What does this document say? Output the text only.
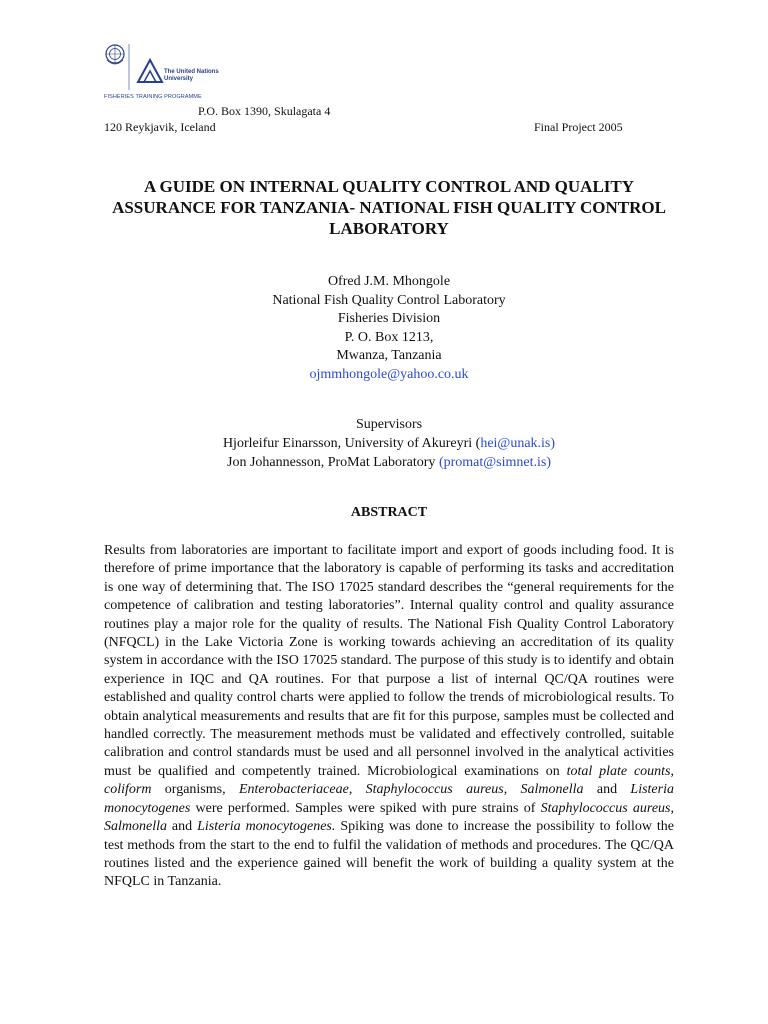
The United Nations
University
FISHERIES TRAINING PROGRAMME
P.O. Box 1390, Skulagata 4
120 Reykjavik, Iceland	Final Project 2005
A GUIDE ON INTERNAL QUALITY CONTROL AND QUALITY ASSURANCE FOR TANZANIA- NATIONAL FISH QUALITY CONTROL LABORATORY
Ofred J.M. Mhongole
National Fish Quality Control Laboratory
Fisheries Division
P. O. Box 1213,
Mwanza, Tanzania
ojmmhongole@yahoo.co.uk
Supervisors
Hjorleifur Einarsson, University of Akureyri (hei@unak.is)
Jon Johannesson, ProMat Laboratory (promat@simnet.is)
ABSTRACT

Results from laboratories are important to facilitate import and export of goods including food. It is therefore of prime importance that the laboratory is capable of performing its tasks and accreditation is one way of determining that. The ISO 17025 standard describes the “general requirements for the competence of calibration and testing laboratories”. Internal quality control and quality assurance routines play a major role for the quality of results. The National Fish Quality Control Laboratory (NFQCL) in the Lake Victoria Zone is working towards achieving an accreditation of its quality system in accordance with the ISO 17025 standard. The purpose of this study is to identify and obtain experience in IQC and QA routines. For that purpose a list of internal QC/QA routines were established and quality control charts were applied to follow the trends of microbiological results. To obtain analytical measurements and results that are fit for this purpose, samples must be collected and handled correctly. The measurement methods must be validated and effectively controlled, suitable calibration and control standards must be used and all personnel involved in the analytical activities must be qualified and competently trained. Microbiological examinations on total plate counts, coliform organisms, Enterobacteriaceae, Staphylococcus aureus, Salmonella and Listeria monocytogenes were performed. Samples were spiked with pure strains of Staphylococcus aureus, Salmonella and Listeria monocytogenes. Spiking was done to increase the possibility to follow the test methods from the start to the end to fulfil the validation of methods and procedures. The QC/QA routines listed and the experience gained will benefit the work of building a quality system at the NFQLC in Tanzania.
